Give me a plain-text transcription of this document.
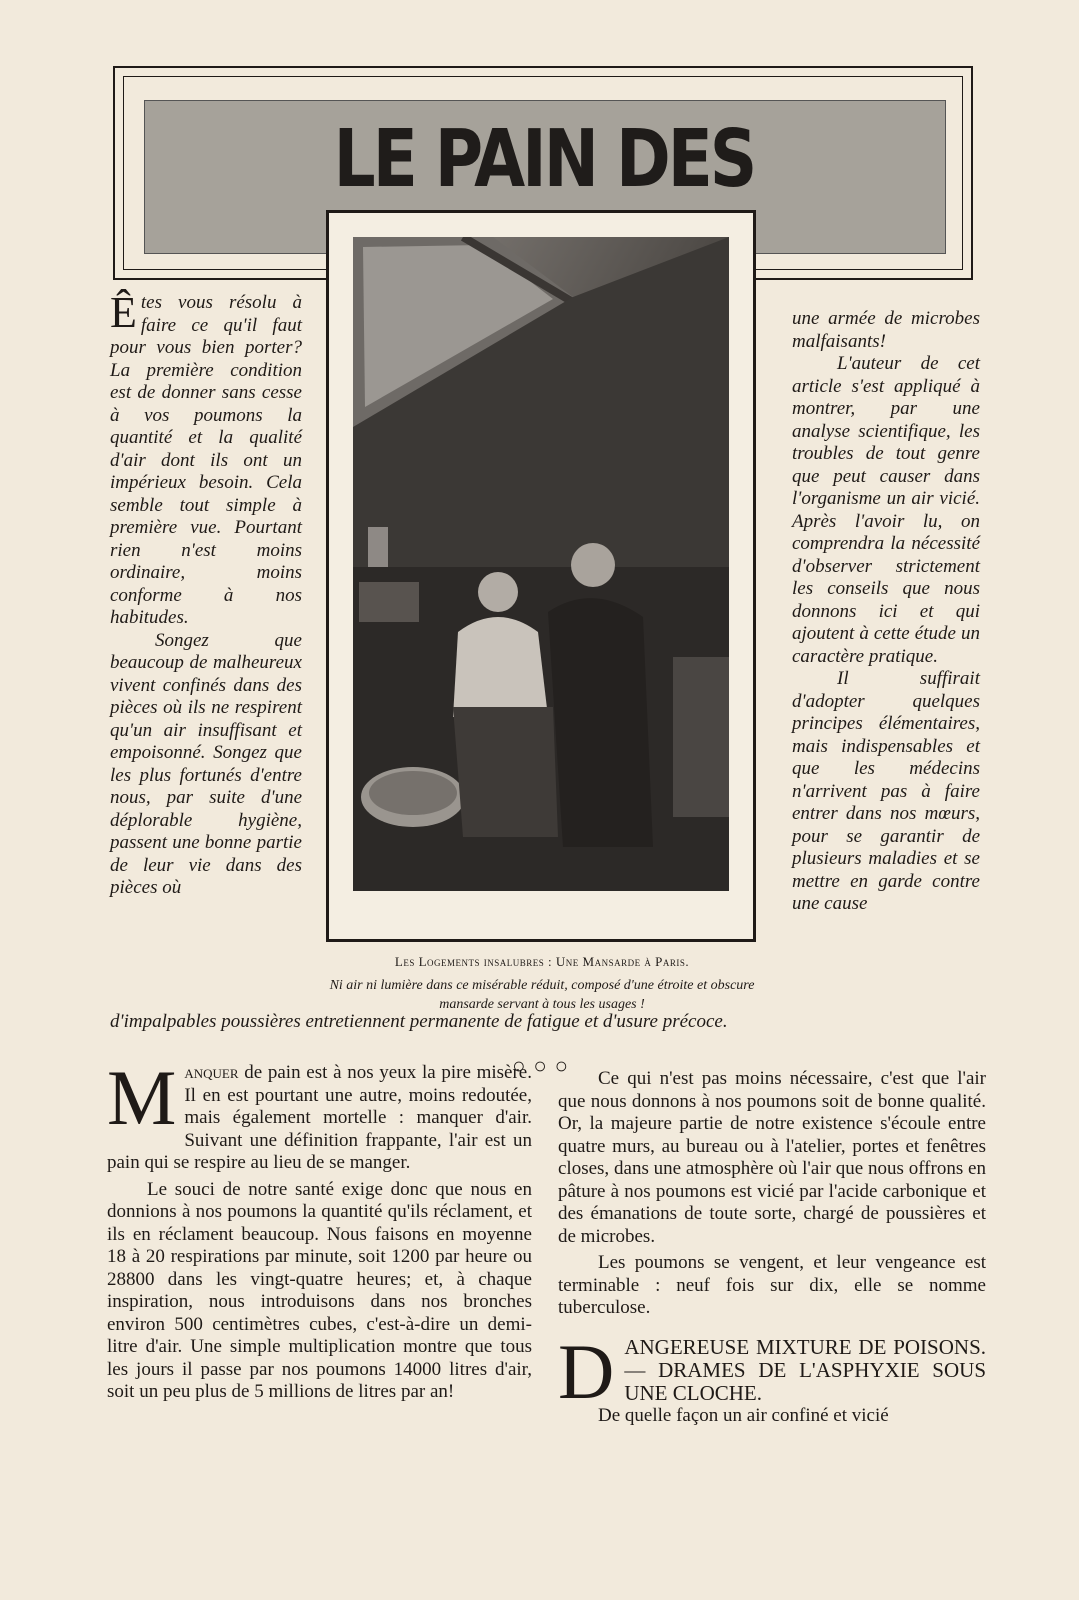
LE PAIN DES
Les Logements insalubres : Une Mansarde à Paris.
Ni air ni lumière dans ce misérable réduit, composé d'une étroite et obscure mansarde servant à tous les usages !

Êtes vous résolu à faire ce qu'il faut pour vous bien porter? La première condition est de donner sans cesse à vos poumons la quantité et la qualité d'air dont ils ont un impérieux besoin. Cela semble tout simple à première vue. Pourtant rien n'est moins ordinaire, moins conforme à nos habitudes.

Songez que beaucoup de malheureux vivent confinés dans des pièces où ils ne respirent qu'un air insuffisant et empoisonné. Songez que les plus fortunés d'entre nous, par suite d'une déplorable hygiène, passent une bonne partie de leur vie dans des pièces où

une armée de microbes malfaisants!

L'auteur de cet article s'est appliqué à montrer, par une analyse scientifique, les troubles de tout genre que peut causer dans l'organisme un air vicié. Après l'avoir lu, on comprendra la nécessité d'observer strictement les conseils que nous donnons ici et qui ajoutent à cette étude un caractère pratique.

Il suffirait d'adopter quelques principes élémentaires, mais indispensables et que les médecins n'arrivent pas à faire entrer dans nos mœurs, pour se garantir de plusieurs maladies et se mettre en garde contre une cause

d'impalpables poussières entretiennent permanente de fatigue et d'usure précoce.
○○○

Manquer de pain est à nos yeux la pire misère. Il en est pourtant une autre, moins redoutée, mais également mortelle : manquer d'air. Suivant une définition frappante, l'air est un pain qui se respire au lieu de se manger.

Le souci de notre santé exige donc que nous en donnions à nos poumons la quantité qu'ils réclament, et ils en réclament beaucoup. Nous faisons en moyenne 18 à 20 respirations par minute, soit 1200 par heure ou 28800 dans les vingt-quatre heures; et, à chaque inspiration, nous introduisons dans nos bronches environ 500 centimètres cubes, c'est-à-dire un demi-litre d'air. Une simple multiplication montre que tous les jours il passe par nos poumons 14000 litres d'air, soit un peu plus de 5 millions de litres par an!

Ce qui n'est pas moins nécessaire, c'est que l'air que nous donnons à nos poumons soit de bonne qualité. Or, la majeure partie de notre existence s'écoule entre quatre murs, au bureau ou à l'atelier, portes et fenêtres closes, dans une atmosphère où l'air que nous offrons en pâture à nos poumons est vicié par l'acide carbonique et des émanations de toute sorte, chargé de poussières et de microbes.

Les poumons se vengent, et leur vengeance est terminable : neuf fois sur dix, elle se nomme tuberculose.

DANGEREUSE MIXTURE DE POISONS. — DRAMES DE L'ASPHYXIE SOUS UNE CLOCHE.

De quelle façon un air confiné et vicié
